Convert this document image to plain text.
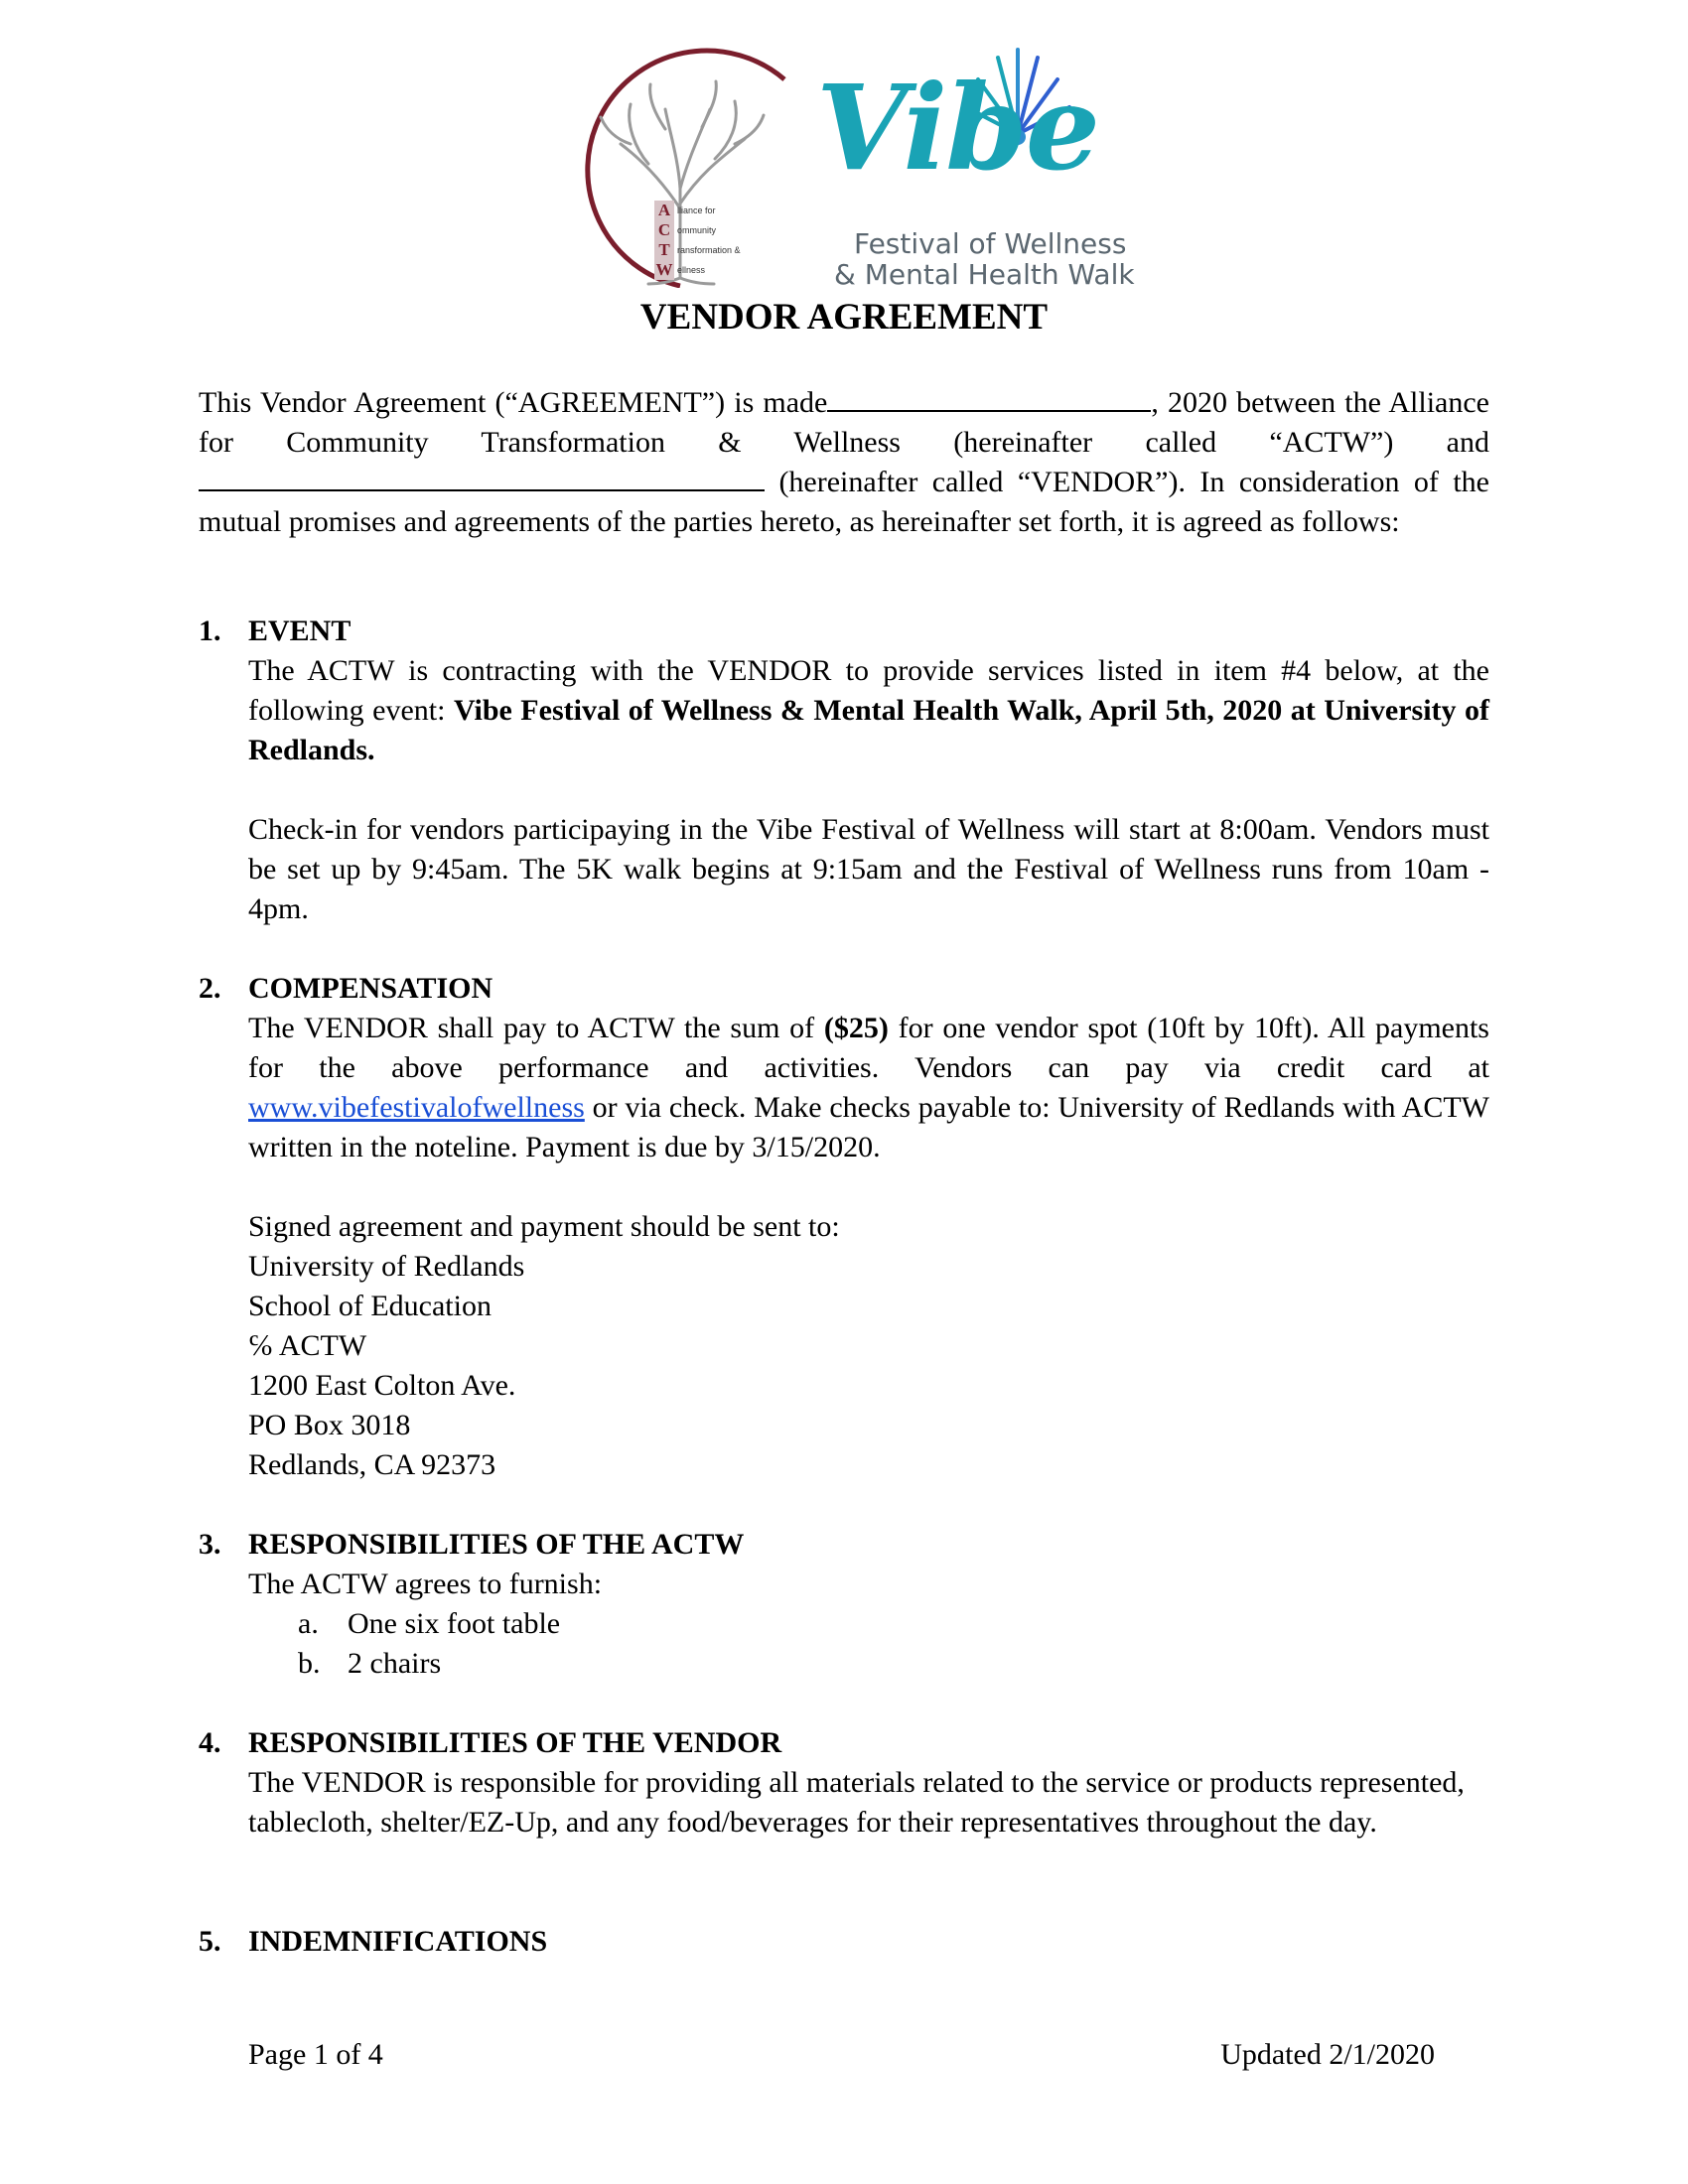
A lliance for
C ommunity
T ransformation &
W ellness
Vibe
Festival of Wellness
& Mental Health Walk
VENDOR AGREEMENT

This Vendor Agreement (“AGREEMENT”) is made	, 2020 between the Alliance for Community Transformation & Wellness (hereinafter called “ACTW”) and  (hereinafter called “VENDOR”). In consideration of the mutual promises and agreements of the parties hereto, as hereinafter set forth, it is agreed as follows:

1. EVENT

The ACTW is contracting with the VENDOR to provide services listed in item #4 below, at the following event: Vibe Festival of Wellness & Mental Health Walk, April 5th, 2020 at University of Redlands.

Check-in for vendors participaying in the Vibe Festival of Wellness will start at 8:00am. Vendors must be set up by 9:45am. The 5K walk begins at 9:15am and the Festival of Wellness runs from 10am - 4pm.

2. COMPENSATION

The VENDOR shall pay to ACTW the sum of ($25) for one vendor spot (10ft by 10ft). All payments for the above performance and activities. Vendors can pay via credit card at www.vibefestivalofwellness or via check. Make checks payable to: University of Redlands with ACTW written in the noteline. Payment is due by 3/15/2020.

Signed agreement and payment should be sent to:
University of Redlands
School of Education
℅ ACTW
1200 East Colton Ave.
PO Box 3018
Redlands, CA 92373

3. RESPONSIBILITIES OF THE ACTW

The ACTW agrees to furnish:

a. One six foot table
b. 2 chairs

4. RESPONSIBILITIES OF THE VENDOR

The VENDOR is responsible for providing all materials related to the service or products represented, tablecloth, shelter/EZ-Up, and any food/beverages for their representatives throughout the day.

5. INDEMNIFICATIONS

Page 1 of 4	Updated 2/1/2020
